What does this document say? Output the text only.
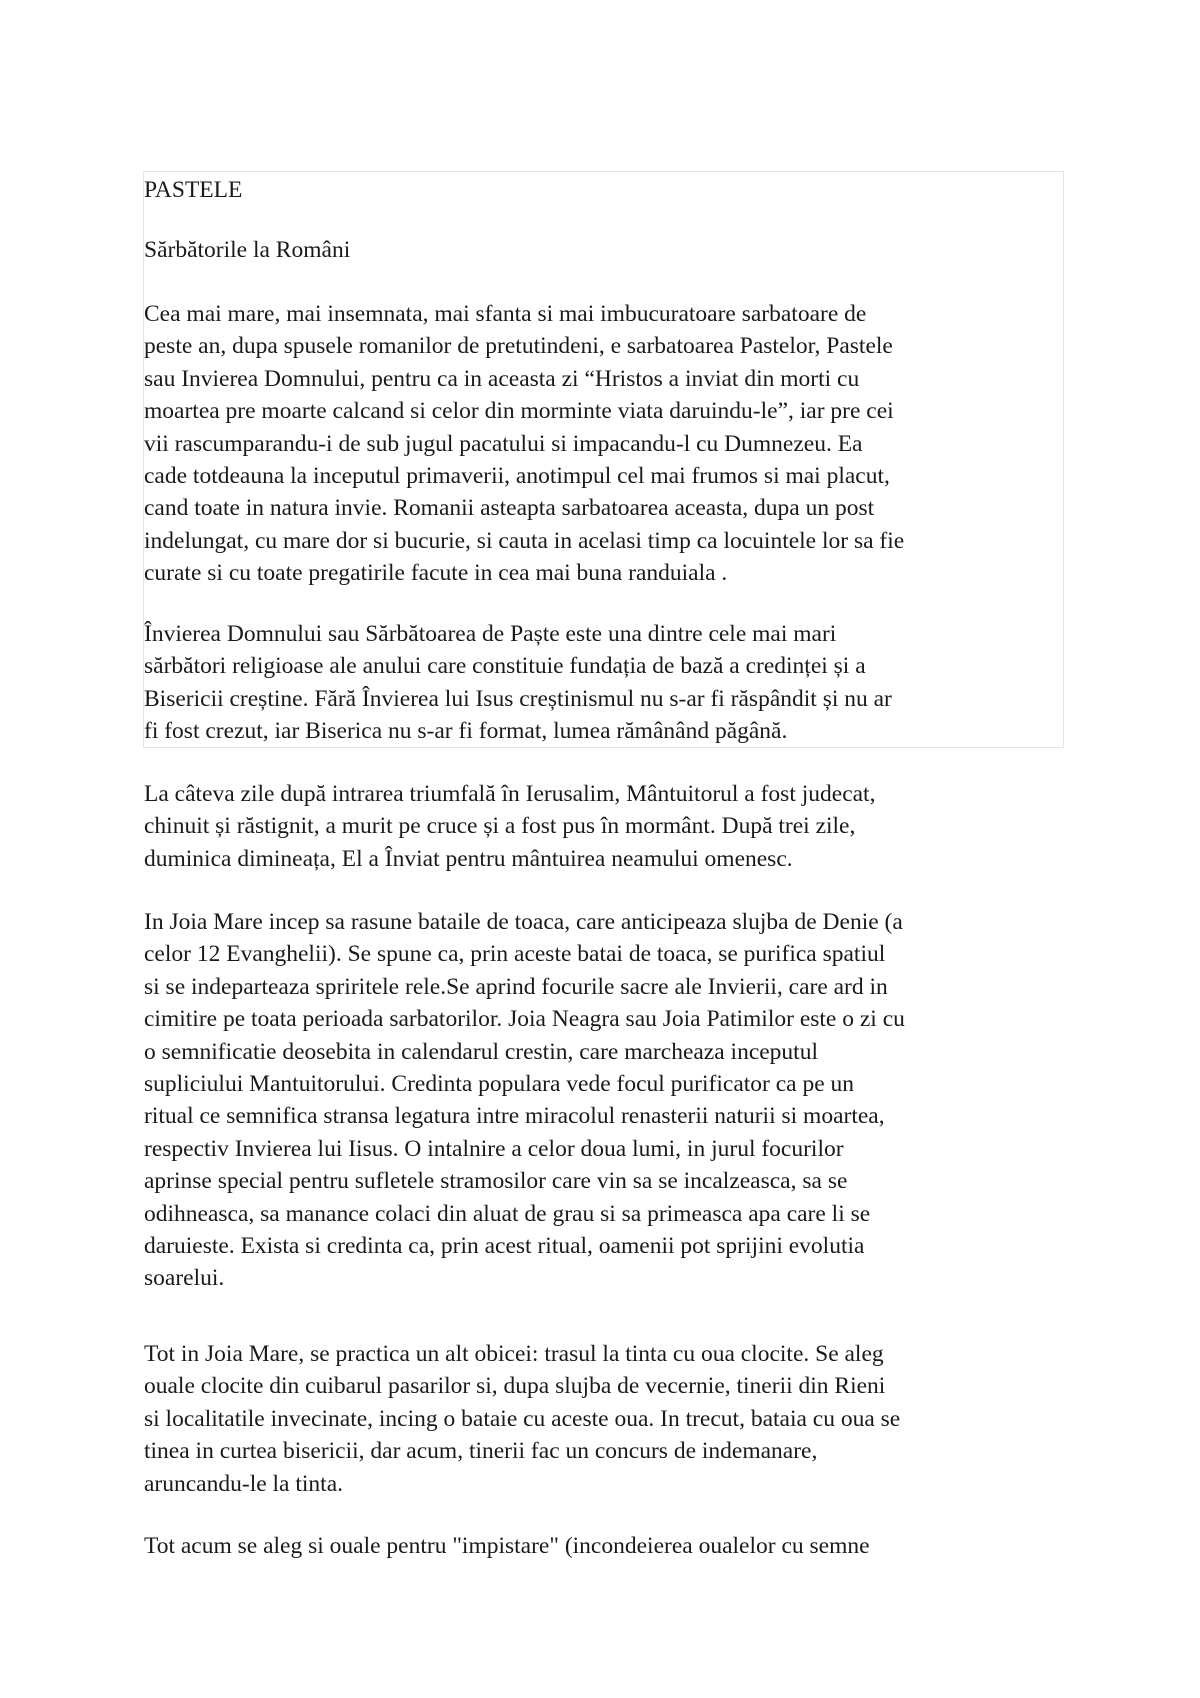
PASTELE

Sărbătorile la Români

Cea mai mare, mai insemnata, mai sfanta si mai imbucuratoare sarbatoare de
peste an, dupa spusele romanilor de pretutindeni, e sarbatoarea Pastelor, Pastele
sau Invierea Domnului, pentru ca in aceasta zi “Hristos a inviat din morti cu
moartea pre moarte calcand si celor din morminte viata daruindu-le”, iar pre cei
vii rascumparandu-i de sub jugul pacatului si impacandu-l cu Dumnezeu. Ea
cade totdeauna la inceputul primaverii, anotimpul cel mai frumos si mai placut,
cand toate in natura invie. Romanii asteapta sarbatoarea aceasta, dupa un post
indelungat, cu mare dor si bucurie, si cauta in acelasi timp ca locuintele lor sa fie
curate si cu toate pregatirile facute in cea mai buna randuiala .

Învierea Domnului sau Sărbătoarea de Paște este una dintre cele mai mari
sărbători religioase ale anului care constituie fundația de bază a credinței și a
Bisericii creștine. Fără Învierea lui Isus creștinismul nu s-ar fi răspândit și nu ar
fi fost crezut, iar Biserica nu s-ar fi format, lumea rămânând păgână.

La câteva zile după intrarea triumfală în Ierusalim, Mântuitorul a fost judecat,
chinuit și răstignit, a murit pe cruce și a fost pus în mormânt. După trei zile,
duminica dimineața, El a Înviat pentru mântuirea neamului omenesc.

In Joia Mare incep sa rasune bataile de toaca, care anticipeaza slujba de Denie (a
celor 12 Evanghelii). Se spune ca, prin aceste batai de toaca, se purifica spatiul
si se indeparteaza spriritele rele.Se aprind focurile sacre ale Invierii, care ard in
cimitire pe toata perioada sarbatorilor. Joia Neagra sau Joia Patimilor este o zi cu
o semnificatie deosebita in calendarul crestin, care marcheaza inceputul
supliciului Mantuitorului. Credinta populara vede focul purificator ca pe un
ritual ce semnifica stransa legatura intre miracolul renasterii naturii si moartea,
respectiv Invierea lui Iisus. O intalnire a celor doua lumi, in jurul focurilor
aprinse special pentru sufletele stramosilor care vin sa se incalzeasca, sa se
odihneasca, sa manance colaci din aluat de grau si sa primeasca apa care li se
daruieste. Exista si credinta ca, prin acest ritual, oamenii pot sprijini evolutia
soarelui.

Tot in Joia Mare, se practica un alt obicei: trasul la tinta cu oua clocite. Se aleg
ouale clocite din cuibarul pasarilor si, dupa slujba de vecernie, tinerii din Rieni
si localitatile invecinate, incing o bataie cu aceste oua. In trecut, bataia cu oua se
tinea in curtea bisericii, dar acum, tinerii fac un concurs de indemanare,
aruncandu-le la tinta.

Tot acum se aleg si ouale pentru "impistare" (incondeierea oualelor cu semne
